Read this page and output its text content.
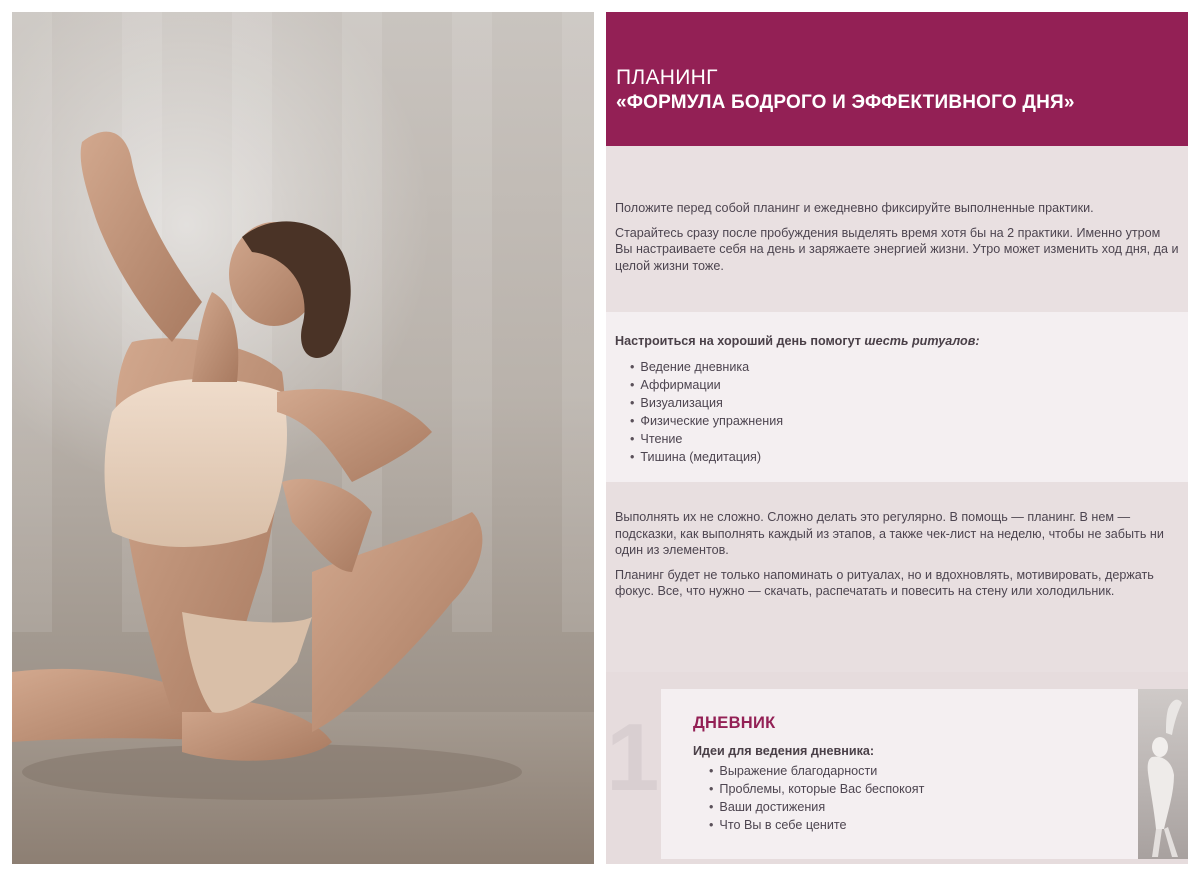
ПЛАНИНГ
«ФОРМУЛА БОДРОГО И ЭФФЕКТИВНОГО ДНЯ»

Положите перед собой планинг и ежедневно фиксируйте выполненные практики.

Старайтесь сразу после пробуждения выделять время хотя бы на 2 практики. Именно утром Вы настраиваете себя на день и заряжаете энергией жизни. Утро может изменить ход дня, да и целой жизни тоже.

Настроиться на хороший день помогут шесть ритуалов:

• Ведение дневника
• Аффирмации
• Визуализация
• Физические упражнения
• Чтение
• Тишина (медитация)

Выполнять их не сложно. Сложно делать это регулярно. В помощь — планинг. В нем — подсказки, как выполнять каждый из этапов, а также чек-лист на неделю, чтобы не забыть ни один из элементов.

Планинг будет не только напоминать о ритуалах, но и вдохновлять, мотивировать, держать фокус. Все, что нужно — скачать, распечатать и повесить на стену или холодильник.

1 ДНЕВНИК
Идеи для ведения дневника:
• Выражение благодарности
• Проблемы, которые Вас беспокоят
• Ваши достижения
• Что Вы в себе цените
